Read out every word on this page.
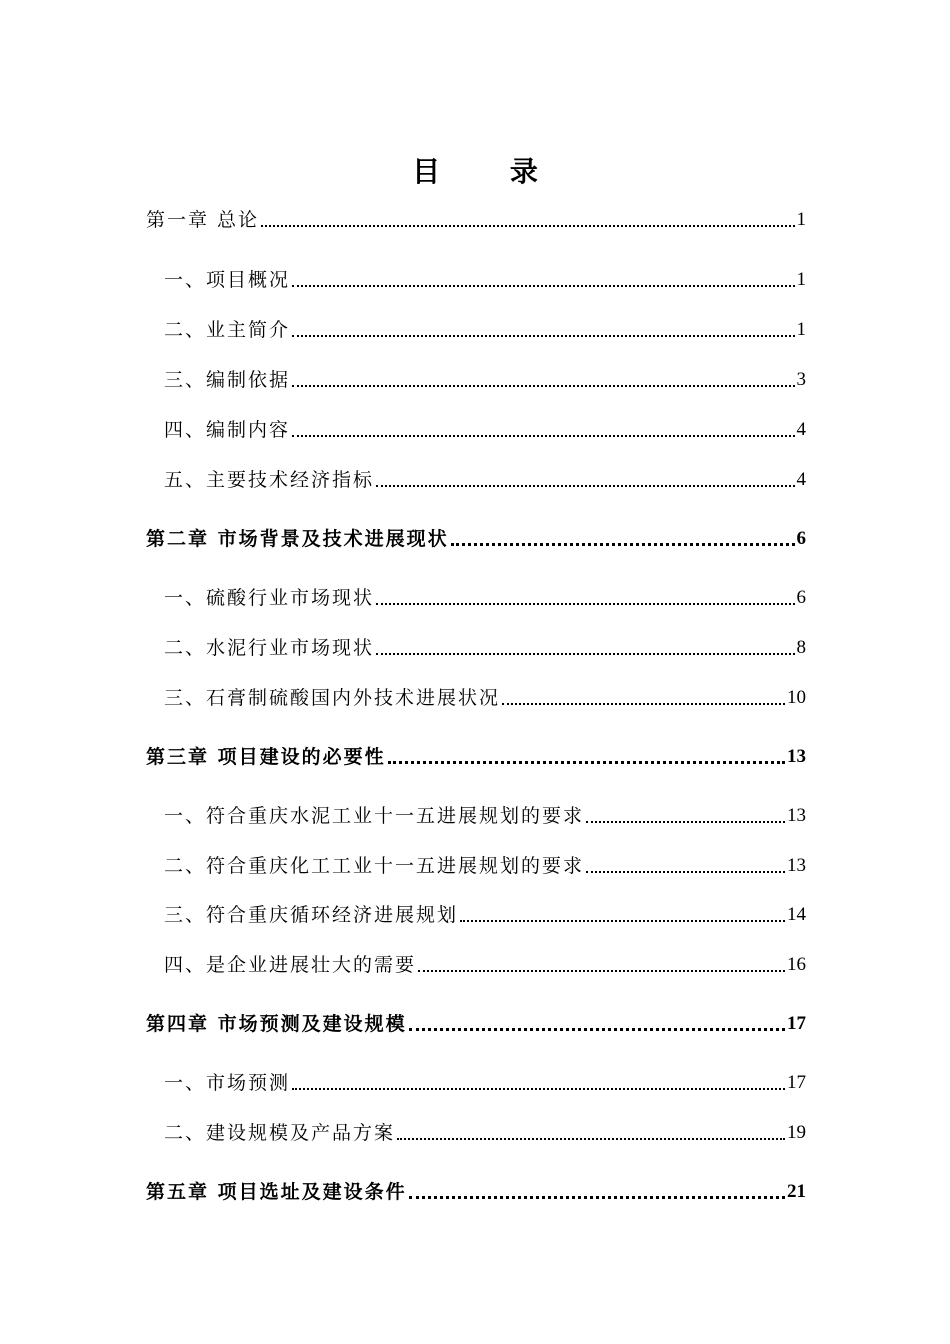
目 录
第一章 总论	1
一、项目概况	1
二、业主简介	1
三、编制依据	3
四、编制内容	4
五、主要技术经济指标	4
第二章 市场背景及技术进展现状	6
一、硫酸行业市场现状	6
二、水泥行业市场现状	8
三、石膏制硫酸国内外技术进展状况	10
第三章 项目建设的必要性	13
一、符合重庆水泥工业十一五进展规划的要求	13
二、符合重庆化工工业十一五进展规划的要求	13
三、符合重庆循环经济进展规划	14
四、是企业进展壮大的需要	16
第四章 市场预测及建设规模	17
一、市场预测	17
二、建设规模及产品方案	19
第五章 项目选址及建设条件	21
